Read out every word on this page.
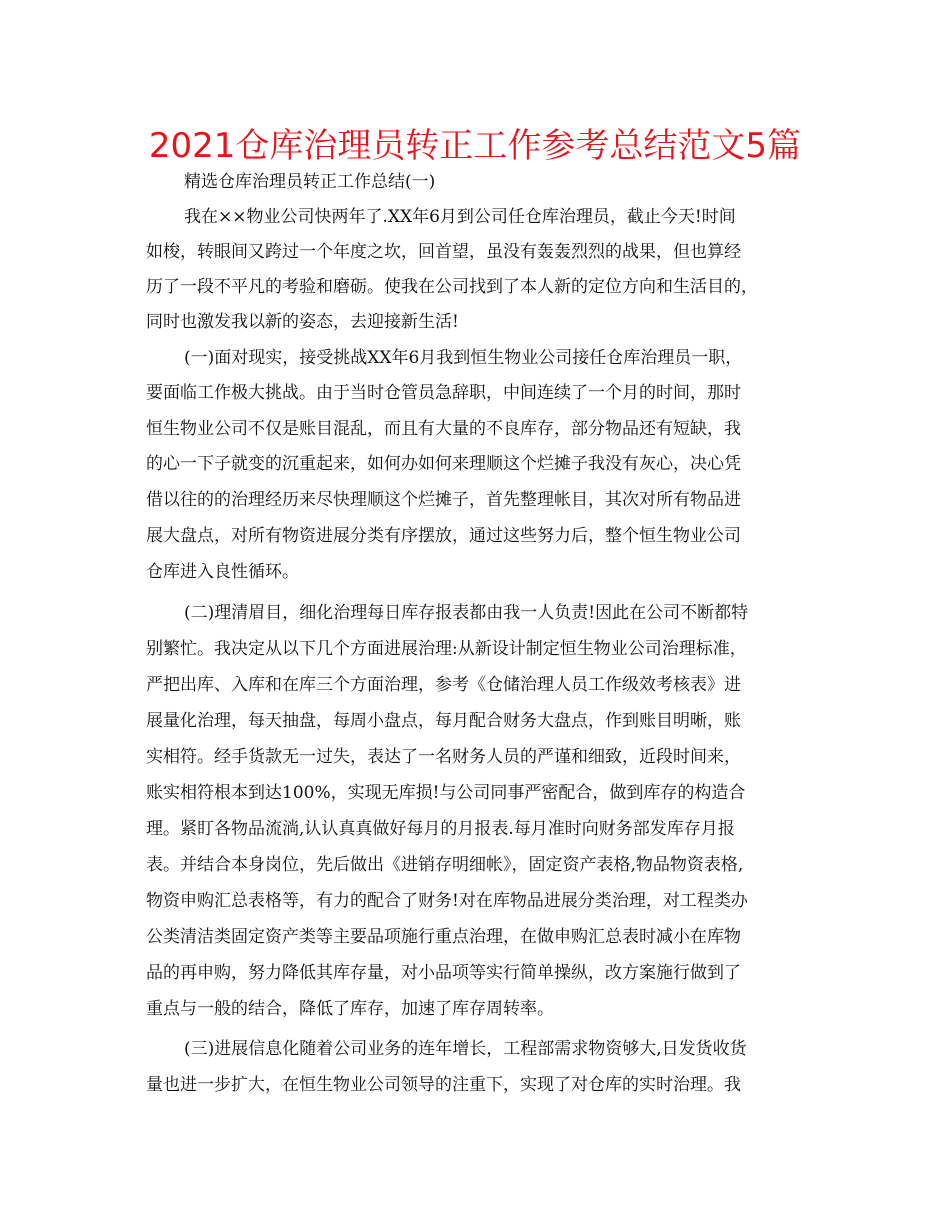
2021仓库治理员转正工作参考总结范文5篇
精选仓库治理员转正工作总结(一)
我在××物业公司快两年了.XX年6月到公司任仓库治理员，截止今天!时间
如梭，转眼间又跨过一个年度之坎，回首望，虽没有轰轰烈烈的战果，但也算经
历了一段不平凡的考验和磨砺。使我在公司找到了本人新的定位方向和生活目的，
同时也激发我以新的姿态，去迎接新生活!
(一)面对现实，接受挑战XX年6月我到恒生物业公司接任仓库治理员一职，
要面临工作极大挑战。由于当时仓管员急辞职，中间连续了一个月的时间，那时
恒生物业公司不仅是账目混乱，而且有大量的不良库存，部分物品还有短缺，我
的心一下子就变的沉重起来，如何办如何来理顺这个烂摊子我没有灰心，决心凭
借以往的的治理经历来尽快理顺这个烂摊子，首先整理帐目，其次对所有物品进
展大盘点，对所有物资进展分类有序摆放，通过这些努力后，整个恒生物业公司
仓库进入良性循环。
(二)理清眉目，细化治理每日库存报表都由我一人负责!因此在公司不断都特
别繁忙。我决定从以下几个方面进展治理:从新设计制定恒生物业公司治理标准，
严把出库、入库和在库三个方面治理，参考《仓储治理人员工作级效考核表》进
展量化治理，每天抽盘，每周小盘点，每月配合财务大盘点，作到账目明晰，账
实相符。经手货款无一过失，表达了一名财务人员的严谨和细致，近段时间来，
账实相符根本到达100%，实现无库损!与公司同事严密配合，做到库存的构造合
理。紧盯各物品流淌,认认真真做好每月的月报表.每月准时向财务部发库存月报
表。并结合本身岗位，先后做出《进销存明细帐》，固定资产表格,物品物资表格,
物资申购汇总表格等，有力的配合了财务!对在库物品进展分类治理，对工程类办
公类清洁类固定资产类等主要品项施行重点治理，在做申购汇总表时减小在库物
品的再申购，努力降低其库存量，对小品项等实行简单操纵，改方案施行做到了
重点与一般的结合，降低了库存，加速了库存周转率。
(三)进展信息化随着公司业务的连年增长，工程部需求物资够大,日发货收货
量也进一步扩大，在恒生物业公司领导的注重下，实现了对仓库的实时治理。我
